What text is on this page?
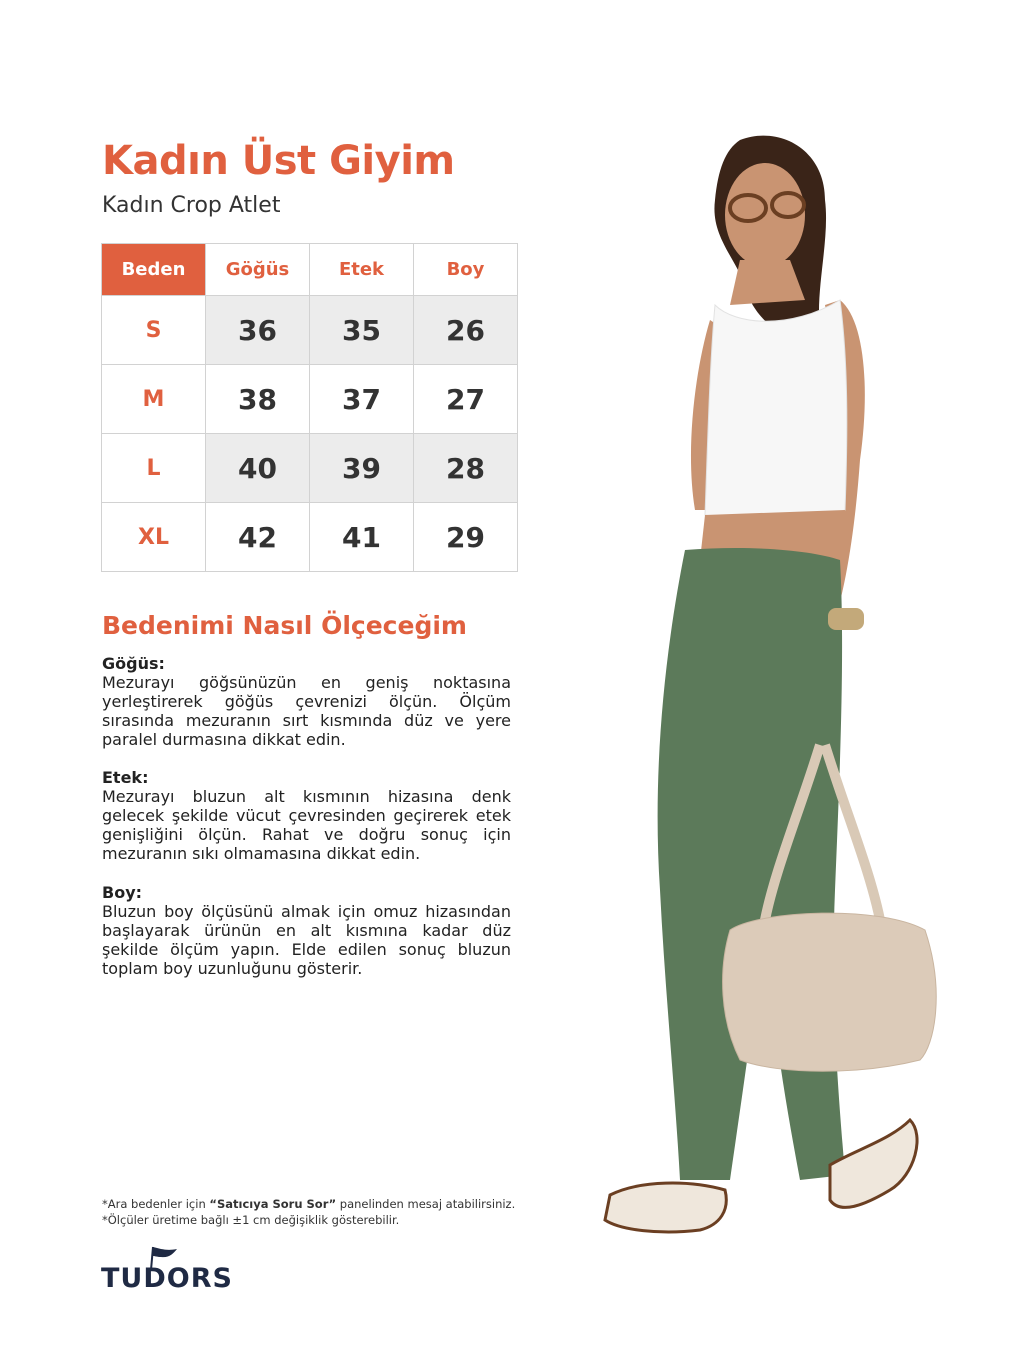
Kadın Üst Giyim
Kadın Crop Atlet
Beden	Göğüs	Etek	Boy
S	36	35	26
M	38	37	27
L	40	39	28
XL	42	41	29
Bedenimi Nasıl Ölçeceğim
Göğüs:

Mezurayı göğsünüzün en geniş noktasına yerleştirerek göğüs çevrenizi ölçün. Ölçüm sırasında mezuranın sırt kısmında düz ve yere paralel durmasına dikkat edin.

Etek:

Mezurayı bluzun alt kısmının hizasına denk gelecek şekilde vücut çevresinden geçirerek etek genişliğini ölçün. Rahat ve doğru sonuç için mezuranın sıkı olmamasına dikkat edin.

Boy:

Bluzun boy ölçüsünü almak için omuz hizasından başlayarak ürünün en alt kısmına kadar düz şekilde ölçüm yapın. Elde edilen sonuç bluzun toplam boy uzunluğunu gösterir.

*Ara bedenler için “Satıcıya Soru Sor” panelinden mesaj atabilirsiniz.
*Ölçüler üretime bağlı ±1 cm değişiklik gösterebilir.
TUDORS
